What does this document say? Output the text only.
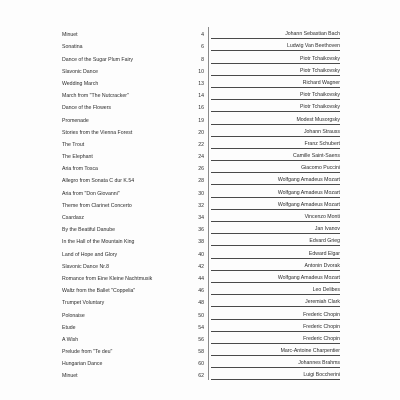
Minuet	4	Johann Sebastian Bach
Sonatina	6	Ludwig Van Beethoven
Dance of the Sugar Plum Fairy	8	Piotr Tchaikovsky
Slavonic Dance	10	Piotr Tchaikovsky
Wedding March	13	Richard Wagner
March from "The Nutcracker"	14	Piotr Tchaikovsky
Dance of the Flowers	16	Piotr Tchaikovsky
Promenade	19	Modest Musorgsky
Stories from the Vienna Forest	20	Johann Strauss
The Trout	22	Franz Schubert
The Elephant	24	Camille Saint-Saens
Aria from Tosca	26	Giacomo Puccini
Allegro from Sonata C dur K.54	28	Wolfgang Amadeus Mozart
Aria from "Don Giovanni"	30	Wolfgang Amadeus Mozart
Theme from Clarinet Concerto	32	Wolfgang Amadeus Mozart
Csardasz	34	Vincenzo Monti
By the Beatiful Danube	36	Jan Ivanov
In the Hall of the Mountain King	38	Edvard Grieg
Land of Hope and Glory	40	Edward Elgar
Slavonic Dance Nr.8	42	Antonin Dvorak
Romance from Eine Kleine Nachtmusik	44	Wolfgang Amadeus Mozart
Waltz from the Ballet "Coppelia"	46	Leo Delibes
Trumpet Voluntary	48	Jeremiah Clark
Polonaise	50	Frederic Chopin
Etude	54	Frederic Chopin
A Wish	56	Frederic Chopin
Prelude from "Te deu"	58	Marc-Antoine Charpentier
Hungarian Dance	60	Johannes Brahms
Minuet	62	Luigi Boccherini
